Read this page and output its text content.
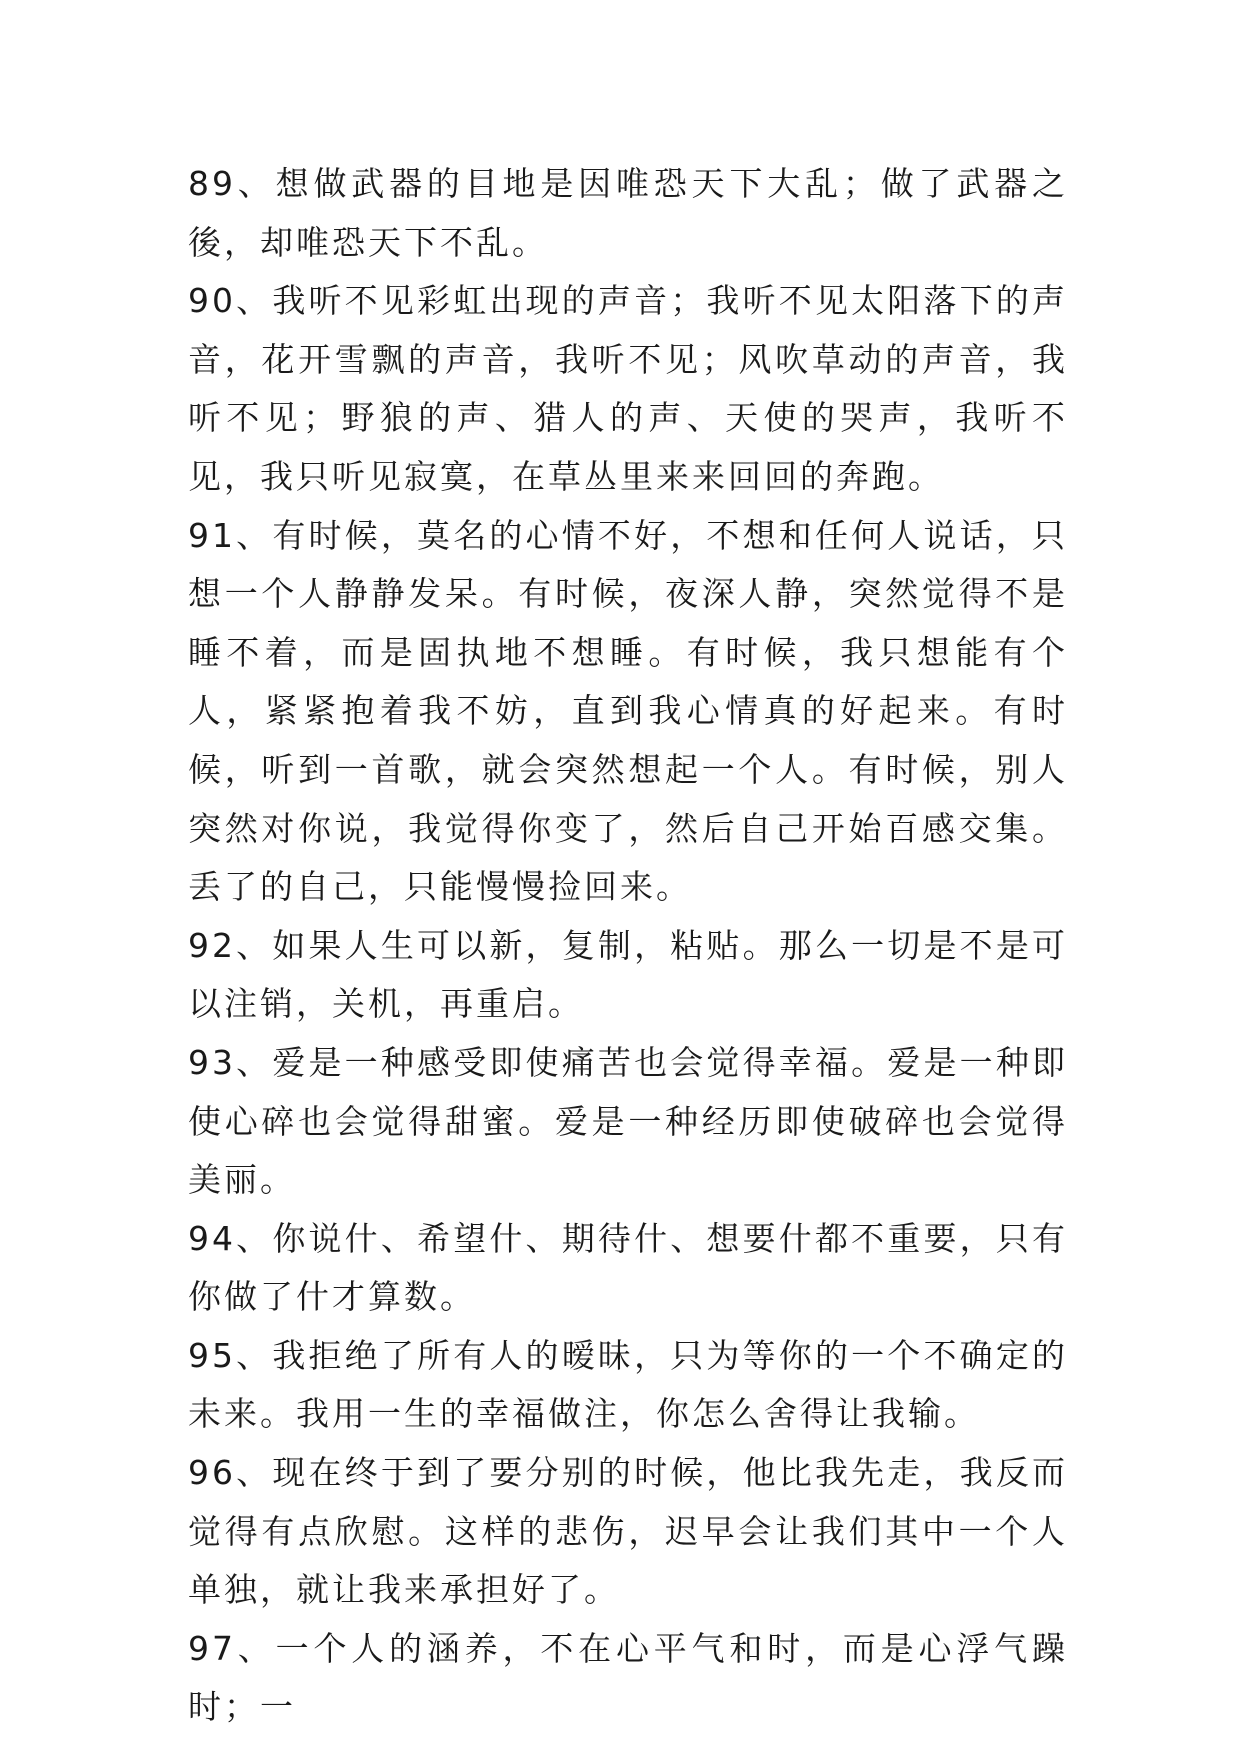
89、想做武器的目地是因唯恐天下大乱；做了武器之後，却唯恐天下不乱。

90、我听不见彩虹出现的声音；我听不见太阳落下的声音，花开雪飘的声音，我听不见；风吹草动的声音，我听不见；野狼的声、猎人的声、天使的哭声，我听不见，我只听见寂寞，在草丛里来来回回的奔跑。

91、有时候，莫名的心情不好，不想和任何人说话，只想一个人静静发呆。有时候，夜深人静，突然觉得不是睡不着，而是固执地不想睡。有时候，我只想能有个人，紧紧抱着我不妨，直到我心情真的好起来。有时候，听到一首歌，就会突然想起一个人。有时候，别人突然对你说，我觉得你变了，然后自己开始百感交集。丢了的自己，只能慢慢捡回来。

92、如果人生可以新，复制，粘贴。那么一切是不是可以注销，关机，再重启。

93、爱是一种感受即使痛苦也会觉得幸福。爱是一种即使心碎也会觉得甜蜜。爱是一种经历即使破碎也会觉得美丽。

94、你说什、希望什、期待什、想要什都不重要，只有你做了什才算数。

95、我拒绝了所有人的暧昧，只为等你的一个不确定的未来。我用一生的幸福做注，你怎么舍得让我输。

96、现在终于到了要分别的时候，他比我先走，我反而觉得有点欣慰。这样的悲伤，迟早会让我们其中一个人单独，就让我来承担好了。

97、一个人的涵养，不在心平气和时，而是心浮气躁时；一
